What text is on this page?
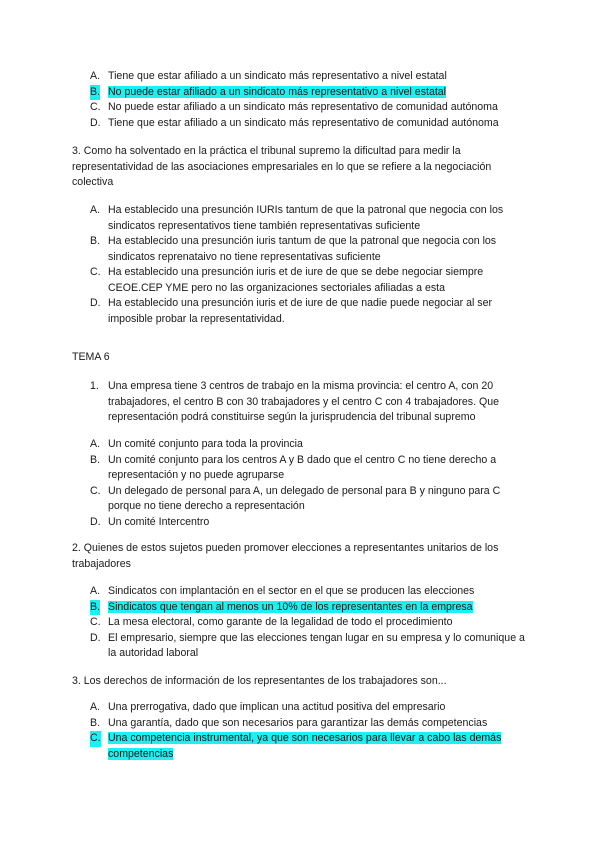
A. Tiene que estar afiliado a un sindicato más representativo a nivel estatal
B. No puede estar afiliado a un sindicato más representativo a nivel estatal
C. No puede estar afiliado a un sindicato más representativo de comunidad autónoma
D. Tiene que estar afiliado a un sindicato más representativo de comunidad autónoma
3. Como ha solventado en la práctica el tribunal supremo la dificultad para medir la representatividad de las asociaciones empresariales en lo que se refiere a la negociación colectiva
A. Ha establecido una presunción IURIs tantum de que la patronal que negocia con los sindicatos representativos tiene también representativas suficiente
B. Ha establecido una presunción iuris tantum de que la patronal que negocia con los sindicatos reprenataivo no tiene representativas suficiente
C. Ha establecido una presunción iuris et de iure de que se debe negociar siempre CEOE.CEP YME pero no las organizaciones sectoriales afiliadas a esta
D. Ha establecido una presunción iuris et de iure de que nadie puede negociar al ser imposible probar la representatividad.
TEMA 6
1. Una empresa tiene 3 centros de trabajo en la misma provincia: el centro A, con 20 trabajadores, el centro B con 30 trabajadores y el centro C con 4 trabajadores. Que representación podrá constituirse según la jurisprudencia del tribunal supremo
A. Un comité conjunto para toda la provincia
B. Un comité conjunto para los centros A y B dado que el centro C no tiene derecho a representación y no puede agruparse
C. Un delegado de personal para A, un delegado de personal para B y ninguno para C porque no tiene derecho a representación
D. Un comité Intercentro
2. Quienes de estos sujetos pueden promover elecciones a representantes unitarios de los trabajadores
A. Sindicatos con implantación en el sector en el que se producen las elecciones
B. Sindicatos que tengan al menos un 10% de los representantes en la empresa
C. La mesa electoral, como garante de la legalidad de todo el procedimiento
D. El empresario, siempre que las elecciones tengan lugar en su empresa y lo comunique a la autoridad laboral
3. Los derechos de información de los representantes de los trabajadores son...
A. Una prerrogativa, dado que implican una actitud positiva del empresario
B. Una garantía, dado que son necesarios para garantizar las demás competencias
C. Una competencia instrumental, ya que son necesarios para llevar a cabo las demás competencias
